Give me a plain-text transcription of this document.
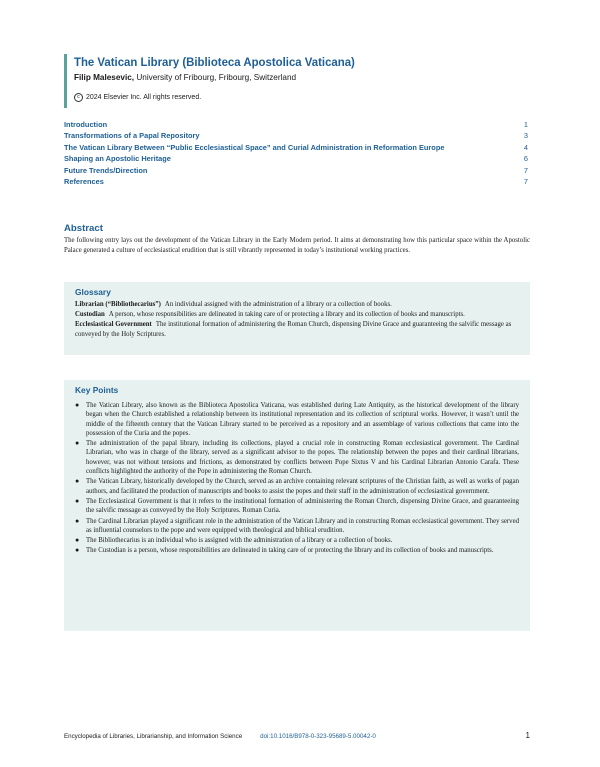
The Vatican Library (Biblioteca Apostolica Vaticana)
Filip Malesevic, University of Fribourg, Fribourg, Switzerland
c 2024 Elsevier Inc. All rights reserved.
Introduction	1
Transformations of a Papal Repository	3
The Vatican Library Between “Public Ecclesiastical Space” and Curial Administration in Reformation Europe	4
Shaping an Apostolic Heritage	6
Future Trends/Direction	7
References	7
Abstract

The following entry lays out the development of the Vatican Library in the Early Modern period. It aims at demonstrating how this particular space within the Apostolic Palace generated a culture of ecclesiastical erudition that is still vibrantly represented in today’s institutional working practices.

Glossary

Librarian (“Bibliothecarius”) An individual assigned with the administration of a library or a collection of books.

Custodian A person, whose responsibilities are delineated in taking care of or protecting a library and its collection of books and manuscripts.

Ecclesiastical Government The institutional formation of administering the Roman Church, dispensing Divine Grace and guaranteeing the salvific message as conveyed by the Holy Scriptures.

Key Points
● The Vatican Library, also known as the Biblioteca Apostolica Vaticana, was established during Late Antiquity, as the historical development of the library began when the Church established a relationship between its institutional representation and its collection of scriptural works. However, it wasn’t until the middle of the fifteenth century that the Vatican Library started to be perceived as a repository and an assemblage of various collections that came into the possession of the Curia and the popes.
● The administration of the papal library, including its collections, played a crucial role in constructing Roman ecclesiastical government. The Cardinal Librarian, who was in charge of the library, served as a significant advisor to the popes. The relationship between the popes and their cardinal librarians, however, was not without tensions and frictions, as demonstrated by conflicts between Pope Sixtus V and his Cardinal Librarian Antonio Carafa. These conflicts highlighted the authority of the Pope in administering the Roman Church.
● The Vatican Library, historically developed by the Church, served as an archive containing relevant scriptures of the Christian faith, as well as works of pagan authors, and facilitated the production of manuscripts and books to assist the popes and their staff in the administration of ecclesiastical government.
● The Ecclesiastical Government is that it refers to the institutional formation of administering the Roman Church, dispensing Divine Grace, and guaranteeing the salvific message as conveyed by the Holy Scriptures. Roman Curia.
● The Cardinal Librarian played a significant role in the administration of the Vatican Library and in constructing Roman ecclesiastical government. They served as influential counselors to the pope and were equipped with theological and biblical erudition.
● The Bibliothecarius is an individual who is assigned with the administration of a library or a collection of books.
● The Custodian is a person, whose responsibilities are delineated in taking care of or protecting the library and its collection of books and manuscripts.
Encyclopedia of Libraries, Librarianship, and Information Science	doi:10.1016/B978-0-323-95689-5.00042-0	1
